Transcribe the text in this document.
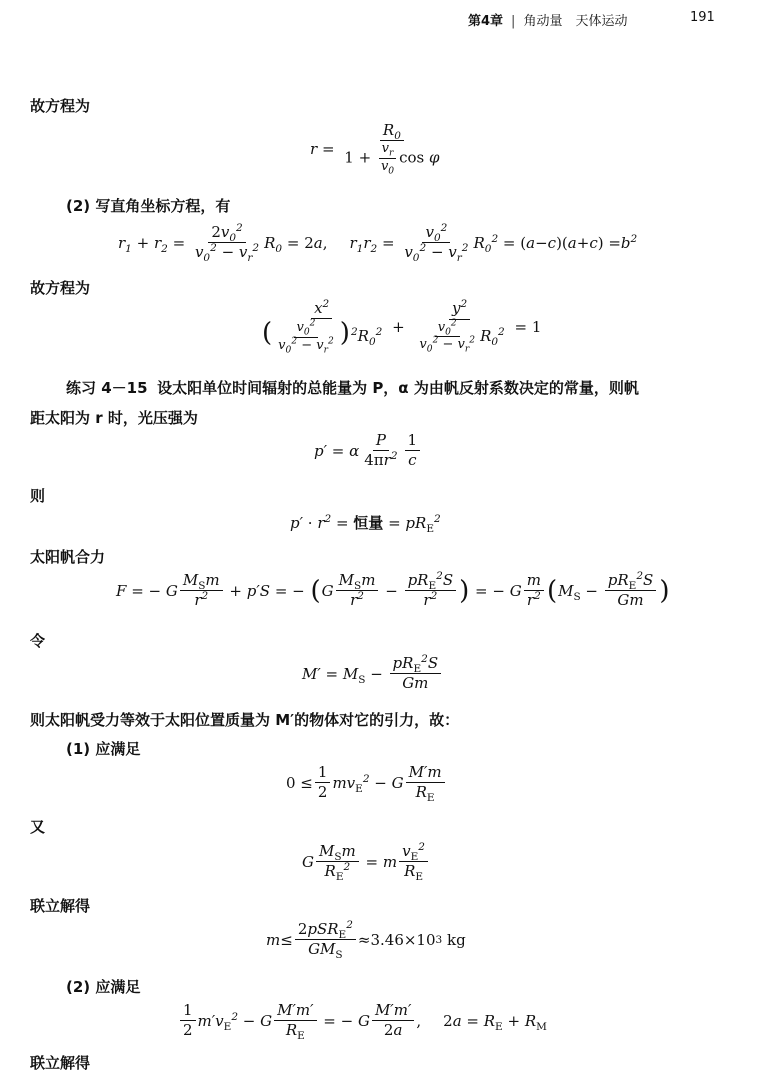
第4章 | 角动量　天体运动	191
故方程为
$r = \frac{R_0}{1 + \frac{v_r}{v_0} \cos \varphi}$
(2) 写直角坐标方程，有
$r_1 + r_2 = \frac{2v_0^2}{v_0^2 - v_r^2} R_0 = 2$ a , $r_1r_2 = \frac{v_0^2}{v_0^2 - v_r^2} R_0^2$ = ( a − c )( a + c ) = $b^2$
故方程为
$\frac{x^2}{( \frac{v_0^2}{v_0^2 - v_r^2} )^2R_0^2} + \frac{y^2}{\frac{v_0^2}{v_0^2 - v_r^2} R_0^2} = 1$
练习 4－15 设太阳单位时间辐射的总能量为 P，α 为由帆反射系数决定的常量，则帆
距太阳为 r 时，光压强为
p′ = α $\frac{P}{4\pi r^2} \frac{1}{c}$
则
$p' \cdot r^2$ = 恒量 = $pR_E^2$
太阳帆合力
F = − G $\frac{M_Sm}{r^2} + p'S$ = − ( G $\frac{M_Sm}{r^2} - \frac{pR_E^2S}{r^2}$ ) = − G $\frac{m}{r^2}$ ( $M_S - \frac{pR_E^2S}{Gm}$ )
令
$M' = M_S - \frac{pR_E^2S}{Gm}$
则太阳帆受力等效于太阳位置质量为 M′的物体对它的引力，故：
(1) 应满足
$0 \le \frac{1}{2} mv_E^2 - G \frac{M'm}{R_E}$
又
G $\frac{M_Sm}{R_E^2} = m \frac{v_E^2}{R_E}$
联立解得
$m \le \frac{2pSR_E^2}{GM_S} \approx 3.46\times 10$ 3
kg
(2) 应满足
$\frac{1}{2} m'v_E^2 - G \frac{M'm'}{R_E}$ = − G $\frac{M'm'}{2a}$ , 2 $a = R_E + R_M$
联立解得
